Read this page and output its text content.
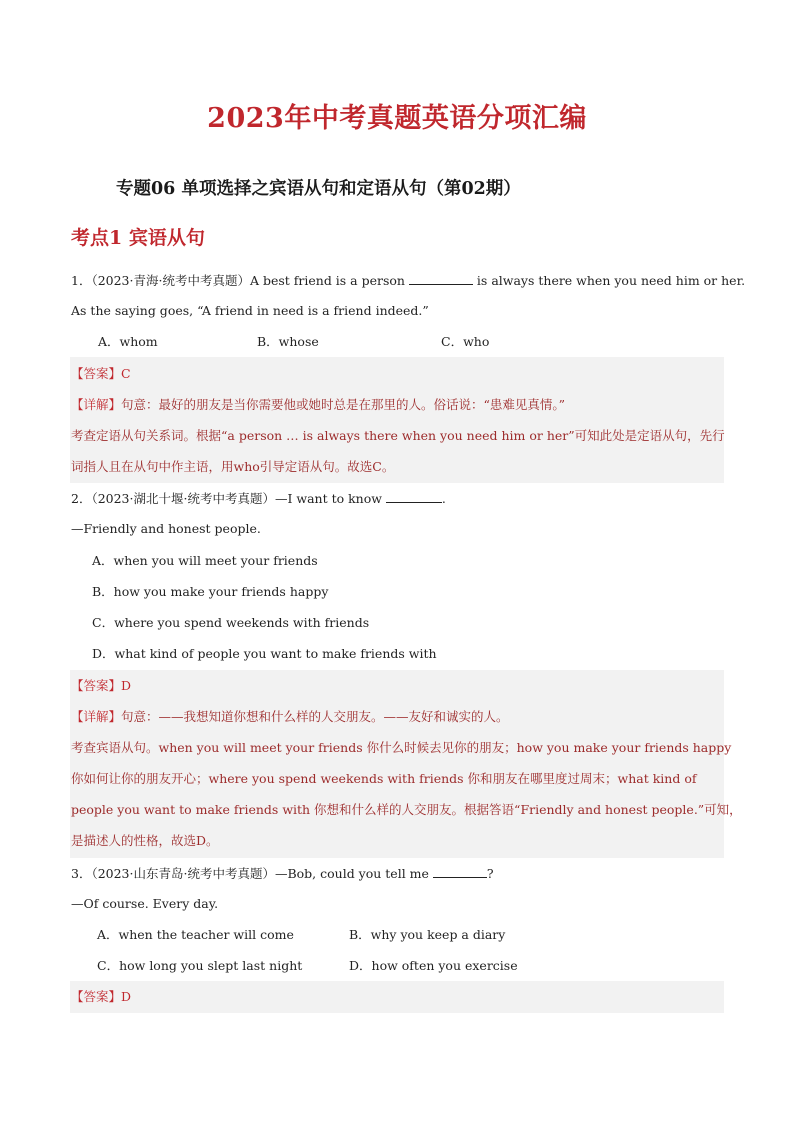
2023年中考真题英语分项汇编
专题06 单项选择之宾语从句和定语从句（第02期）
考点1 宾语从句
1．（2023·青海·统考中考真题）A best friend is a person	is always there when you need him or her.
As the saying goes, “A friend in need is a friend indeed.”
A．whom	B．whose	C．who
【答案】C
【详解】句意：最好的朋友是当你需要他或她时总是在那里的人。俗话说：“患难见真情。”
考查定语从句关系词。根据“a person … is always there when you need him or her”可知此处是定语从句，先行
词指人且在从句中作主语，用who引导定语从句。故选C。
2．（2023·湖北十堰·统考中考真题）—I want to know	.
—Friendly and honest people.
A．when you will meet your friends
B．how you make your friends happy
C．where you spend weekends with friends
D．what kind of people you want to make friends with
【答案】D
【详解】句意：——我想知道你想和什么样的人交朋友。——友好和诚实的人。
考查宾语从句。when you will meet your friends 你什么时候去见你的朋友；how you make your friends happy
你如何让你的朋友开心；where you spend weekends with friends 你和朋友在哪里度过周末；what kind of
people you want to make friends with 你想和什么样的人交朋友。根据答语“Friendly and honest people.”可知，
是描述人的性格，故选D。
3．（2023·山东青岛·统考中考真题）—Bob, could you tell me	?
—Of course. Every day.
A．when the teacher will come	B．why you keep a diary
C．how long you slept last night	D．how often you exercise
【答案】D
